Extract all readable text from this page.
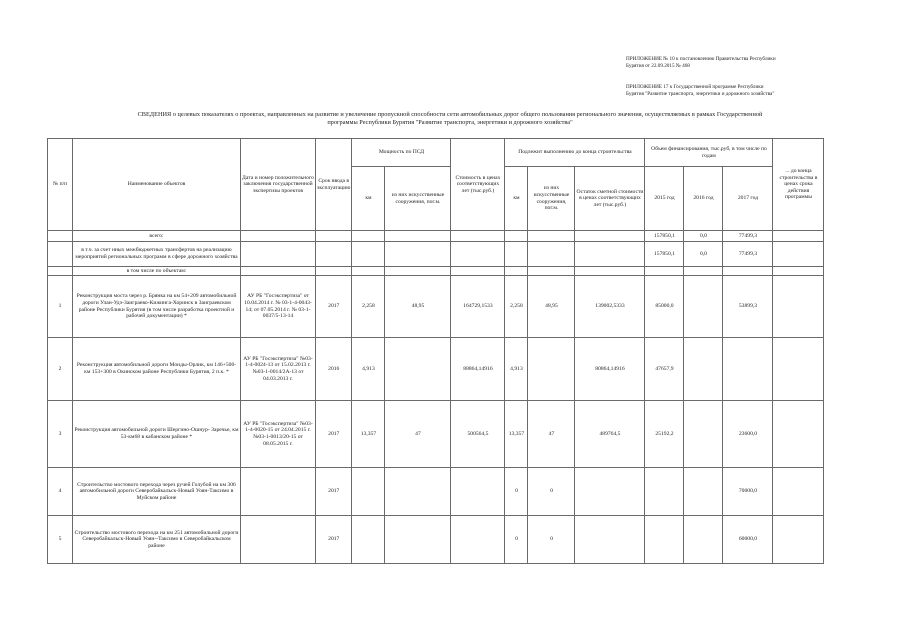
ПРИЛОЖЕНИЕ № 10 к постановлению Правительства Республики
Бурятия от 22.09.2015 № 468
ПРИЛОЖЕНИЕ 17 к Государственной программе Республики
Бурятия "Развитие транспорта, энергетики и дорожного хозяйства"
СВЕДЕНИЯ о целевых показателях о проектах, направленных на развитие и увеличение пропускной способности сети автомобильных дорог общего пользования регионального значения, осуществляемых в рамках Государственной
программы Республики Бурятия "Развитие транспорта, энергетики и дорожного хозяйства"
№ п/п	Наименование объектов	Дата и номер положительного заключения государственной экспертизы проектов	Срок ввода в эксплуатацию	Мощность по ПСД		Стоимость в ценах соответствующих лет (тыс.руб.)	Подлежит выполнению до конца строительства			Объем финансирования, тыс.руб, в том числе по годам			... до конца строительства в ценах срока действия программы
				км	из них искусственные сооружения, пог.м.		км	из них искусственные сооружения, пог.м.	Остаток сметной стоимости в ценах соответствующих лет (тыс.руб.)	2015 год	2016 год	2017 год	

	всего:									157850,1	0,0	77499,3	
	в т.ч. за счет иных межбюджетных трансфертов на реализацию мероприятий региональных программ в сфере дорожного хозяйства									157850,1	0,0	77499,3	
	в том числе по объектам:												
1	Реконструкция моста через р. Брянка на км 54+209 автомобильной дороги Улан-Удэ-Заиграево-Кижинга-Хоринск в Заиграевском районе Республики Бурятия (в том числе разработка проектной и рабочей документации) *	АУ РБ "Госэкспертиза" от 10.04.2014 г. № 03-1-4-0043-14; от 07.05.2014 г. № 03-1-0037/5-13-14	2017	2,258	48,95	164729,1533	2,258	48,95	139002,5333	85000,0		53899,3	
2	Реконструкция автомобильной дороги Монды-Орлик, км 146+500- км 153+300 в Окинском районе Республики Бурятия, 2 п.к. *	АУ РБ "Госэкспертиза" №03-1-4-0024-13 от 15.02.2013 г. №03-1-0014/2A-13 от 04.03.2013 г.	2016	4,913		88864,14916	4,913		80864,14916	47657,9			
3	Реконструкция автомобильной дороги Шергино-Ошнур- Заречье, км 53-км68 в кабанском районе *	АУ РБ "Госэкспертиза" №03-1-4-0020-15 от 24.04.2015 г. №03-1-0013/20-15 от 08.05.2015 г.	2017	13,357	47	500564,5	13,357	47	489764,5	25192,2		23600,0	
4	Строительство мостового перехода через ручей Голубой на км 306 автомобильной дороги Северобайкальск-Новый Уоян-Таксимо в Муйском районе		2017				0	0				70000,0	
5	Строительство мостового перехода на км 251 автомобильной дороги Северобайкальск-Новый Уоян--Таксимо в Северобайкальском районе		2017				0	0				60000,0	
